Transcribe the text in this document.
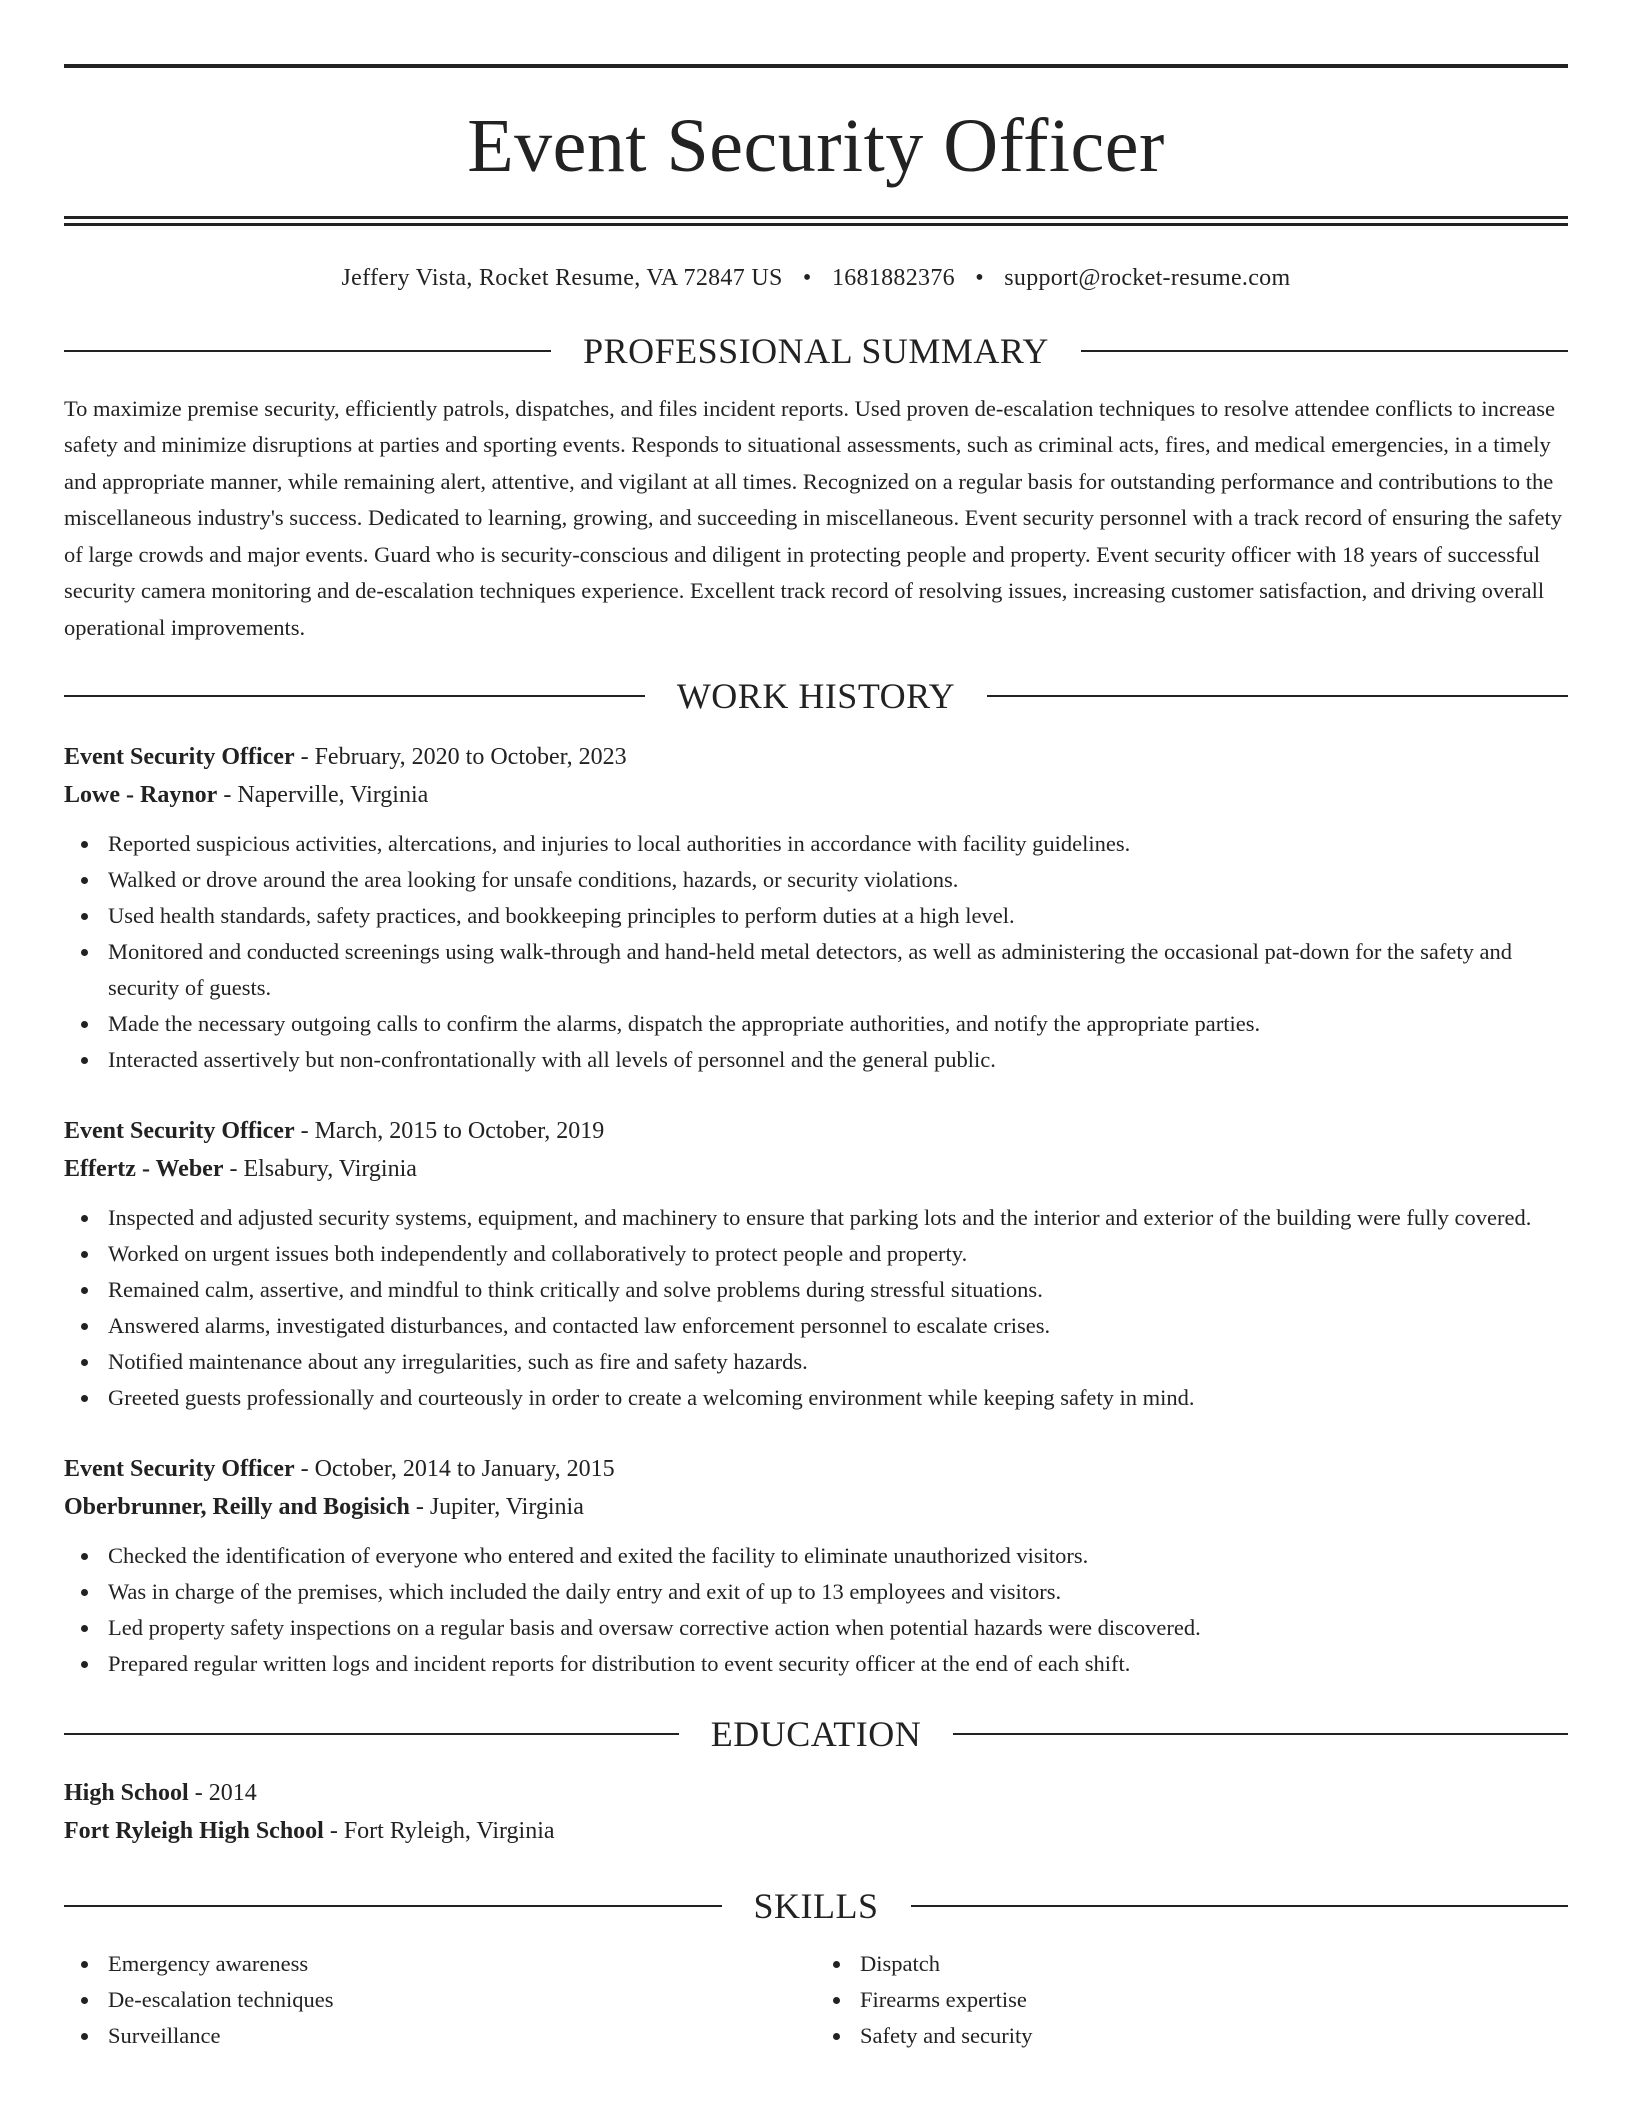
Event Security Officer
Jeffery Vista, Rocket Resume, VA 72847 US • 1681882376 • support@rocket-resume.com
PROFESSIONAL SUMMARY

To maximize premise security, efficiently patrols, dispatches, and files incident reports. Used proven de-escalation techniques to resolve attendee conflicts to increase safety and minimize disruptions at parties and sporting events. Responds to situational assessments, such as criminal acts, fires, and medical emergencies, in a timely and appropriate manner, while remaining alert, attentive, and vigilant at all times. Recognized on a regular basis for outstanding performance and contributions to the miscellaneous industry's success. Dedicated to learning, growing, and succeeding in miscellaneous. Event security personnel with a track record of ensuring the safety of large crowds and major events. Guard who is security-conscious and diligent in protecting people and property. Event security officer with 18 years of successful security camera monitoring and de-escalation techniques experience. Excellent track record of resolving issues, increasing customer satisfaction, and driving overall operational improvements.

WORK HISTORY
Event Security Officer - February, 2020 to October, 2023
Lowe - Raynor - Naperville, Virginia
Reported suspicious activities, altercations, and injuries to local authorities in accordance with facility guidelines.
Walked or drove around the area looking for unsafe conditions, hazards, or security violations.
Used health standards, safety practices, and bookkeeping principles to perform duties at a high level.
Monitored and conducted screenings using walk-through and hand-held metal detectors, as well as administering the occasional pat-down for the safety and security of guests.
Made the necessary outgoing calls to confirm the alarms, dispatch the appropriate authorities, and notify the appropriate parties.
Interacted assertively but non-confrontationally with all levels of personnel and the general public.
Event Security Officer - March, 2015 to October, 2019
Effertz - Weber - Elsabury, Virginia
Inspected and adjusted security systems, equipment, and machinery to ensure that parking lots and the interior and exterior of the building were fully covered.
Worked on urgent issues both independently and collaboratively to protect people and property.
Remained calm, assertive, and mindful to think critically and solve problems during stressful situations.
Answered alarms, investigated disturbances, and contacted law enforcement personnel to escalate crises.
Notified maintenance about any irregularities, such as fire and safety hazards.
Greeted guests professionally and courteously in order to create a welcoming environment while keeping safety in mind.
Event Security Officer - October, 2014 to January, 2015
Oberbrunner, Reilly and Bogisich - Jupiter, Virginia
Checked the identification of everyone who entered and exited the facility to eliminate unauthorized visitors.
Was in charge of the premises, which included the daily entry and exit of up to 13 employees and visitors.
Led property safety inspections on a regular basis and oversaw corrective action when potential hazards were discovered.
Prepared regular written logs and incident reports for distribution to event security officer at the end of each shift.
EDUCATION
High School - 2014
Fort Ryleigh High School - Fort Ryleigh, Virginia
SKILLS
Emergency awareness
De-escalation techniques
Surveillance
Dispatch
Firearms expertise
Safety and security
